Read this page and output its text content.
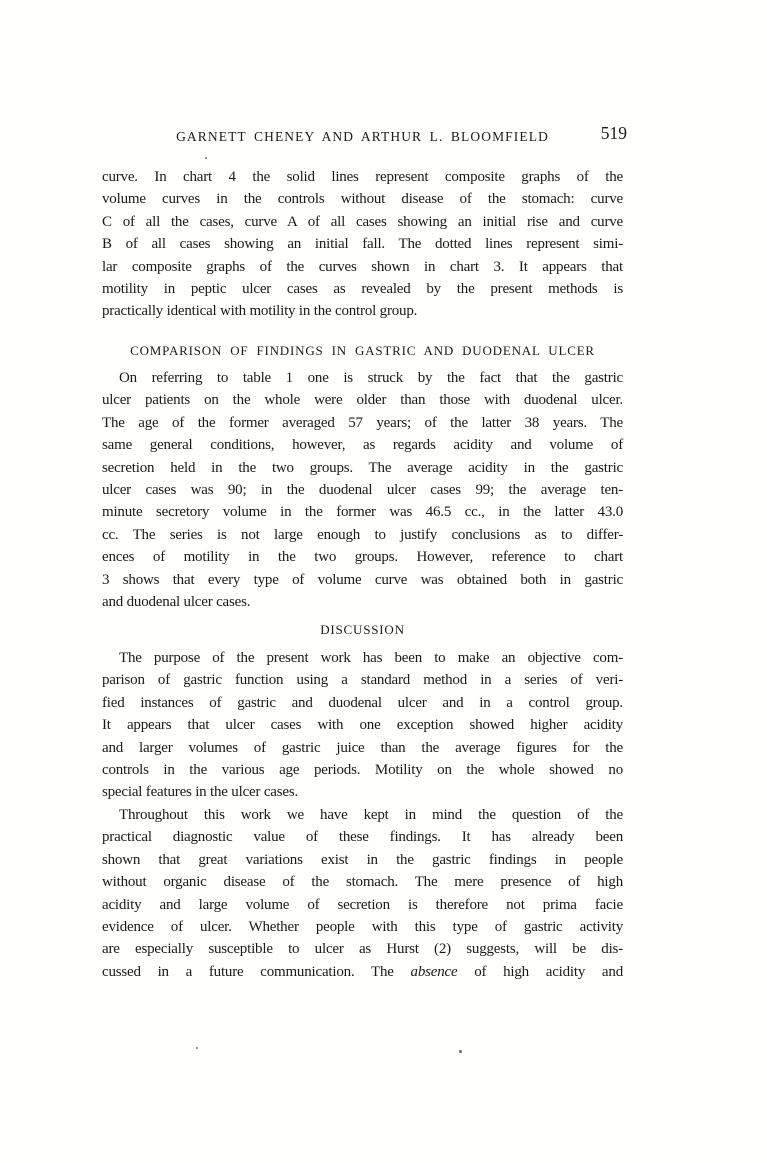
GARNETT CHENEY AND ARTHUR L. BLOOMFIELD	519
curve. In chart 4 the solid lines represent composite graphs of the
volume curves in the controls without disease of the stomach: curve
C of all the cases, curve A of all cases showing an initial rise and curve
B of all cases showing an initial fall. The dotted lines represent simi-
lar composite graphs of the curves shown in chart 3. It appears that
motility in peptic ulcer cases as revealed by the present methods is
practically identical with motility in the control group.
COMPARISON OF FINDINGS IN GASTRIC AND DUODENAL ULCER
On referring to table 1 one is struck by the fact that the gastric
ulcer patients on the whole were older than those with duodenal ulcer.
The age of the former averaged 57 years; of the latter 38 years. The
same general conditions, however, as regards acidity and volume of
secretion held in the two groups. The average acidity in the gastric
ulcer cases was 90; in the duodenal ulcer cases 99; the average ten-
minute secretory volume in the former was 46.5 cc., in the latter 43.0
cc. The series is not large enough to justify conclusions as to differ-
ences of motility in the two groups. However, reference to chart
3 shows that every type of volume curve was obtained both in gastric
and duodenal ulcer cases.
DISCUSSION
The purpose of the present work has been to make an objective com-
parison of gastric function using a standard method in a series of veri-
fied instances of gastric and duodenal ulcer and in a control group.
It appears that ulcer cases with one exception showed higher acidity
and larger volumes of gastric juice than the average figures for the
controls in the various age periods. Motility on the whole showed no
special features in the ulcer cases.
Throughout this work we have kept in mind the question of the
practical diagnostic value of these findings. It has already been
shown that great variations exist in the gastric findings in people
without organic disease of the stomach. The mere presence of high
acidity and large volume of secretion is therefore not prima facie
evidence of ulcer. Whether people with this type of gastric activity
are especially susceptible to ulcer as Hurst (2) suggests, will be dis-
cussed in a future communication. The absence of high acidity and
